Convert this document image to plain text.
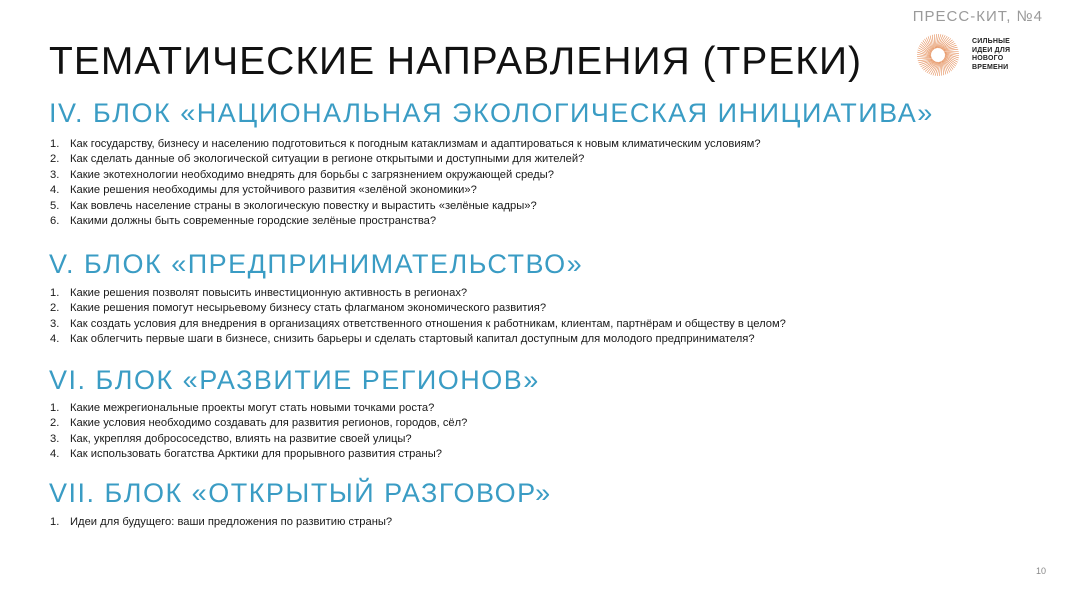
ПРЕСС-КИТ, №4
ТЕМАТИЧЕСКИЕ НАПРАВЛЕНИЯ (ТРЕКИ)	СИЛЬНЫЕ ИДЕИ ДЛЯ НОВОГО ВРЕМЕНИ
IV. БЛОК «НАЦИОНАЛЬНАЯ ЭКОЛОГИЧЕСКАЯ ИНИЦИАТИВА»
1. Как государству, бизнесу и населению подготовиться к погодным катаклизмам и адаптироваться к новым климатическим условиям?
2. Как сделать данные об экологической ситуации в регионе открытыми и доступными для жителей?
3. Какие экотехнологии необходимо внедрять для борьбы с загрязнением окружающей среды?
4. Какие решения необходимы для устойчивого развития «зелёной экономики»?
5. Как вовлечь население страны в экологическую повестку и вырастить «зелёные кадры»?
6. Какими должны быть современные городские зелёные пространства?
V. БЛОК «ПРЕДПРИНИМАТЕЛЬСТВО»
1. Какие решения позволят повысить инвестиционную активность в регионах?
2. Какие решения помогут несырьевому бизнесу стать флагманом экономического развития?
3. Как создать условия для внедрения в организациях ответственного отношения к работникам, клиентам, партнёрам и обществу в целом?
4. Как облегчить первые шаги в бизнесе, снизить барьеры и сделать стартовый капитал доступным для молодого предпринимателя?
VI. БЛОК «РАЗВИТИЕ РЕГИОНОВ»
1. Какие межрегиональные проекты могут стать новыми точками роста?
2. Какие условия необходимо создавать для развития регионов, городов, сёл?
3. Как, укрепляя добрососедство, влиять на развитие своей улицы?
4. Как использовать богатства Арктики для прорывного развития страны?
VII. БЛОК «ОТКРЫТЫЙ РАЗГОВОР»
1. Идеи для будущего: ваши предложения по развитию страны?
10
